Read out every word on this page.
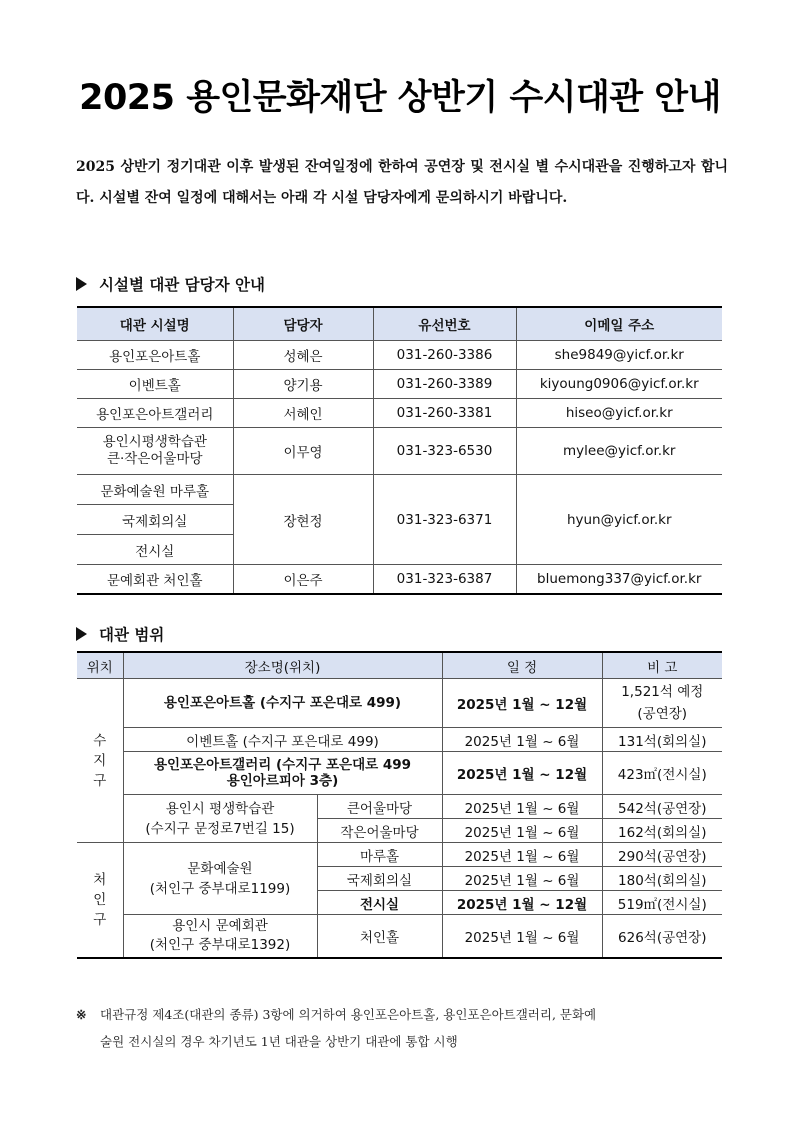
2025 용인문화재단 상반기 수시대관 안내
2025 상반기 정기대관 이후 발생된 잔여일정에 한하여 공연장 및 전시실 별 수시대관을 진행하고자 합니다. 시설별 잔여 일정에 대해서는 아래 각 시설 담당자에게 문의하시기 바랍니다.
시설별 대관 담당자 안내
대관 시설명	담당자	유선번호	이메일 주소
용인포은아트홀	성혜은	031-260-3386	she9849@yicf.or.kr
이벤트홀	양기용	031-260-3389	kiyoung0906@yicf.or.kr
용인포은아트갤러리	서혜인	031-260-3381	hiseo@yicf.or.kr

용인시평생학습관
큰·작은어울마당	이무영	031-323-6530	mylee@yicf.or.kr
문화예술원 마루홀	장현정	031-323-6371	hyun@yicf.or.kr
국제회의실			
전시실			
문예회관 처인홀	이은주	031-323-6387	bluemong337@yicf.or.kr
대관 범위
위치	장소명(위치)		일 정	비 고

수지구	용인포은아트홀 (수지구 포은대로 499)		2025년 1월 ~ 12월	1,521석 예정
(공연장)

	이벤트홀 (수지구 포은대로 499)		2025년 1월 ~ 6월	131석(회의실)

	용인포은아트갤러리 (수지구 포은대로 499
용인아르피아 3층)		2025년 1월 ~ 12월	423㎡(전시실)

	용인시 평생학습관
(수지구 문정로7번길 15)	큰어울마당	2025년 1월 ~ 6월	542석(공연장)
		작은어울마당	2025년 1월 ~ 6월	162석(회의실)

처인구	문화예술원
(처인구 중부대로1199)	마루홀	2025년 1월 ~ 6월	290석(공연장)
		국제회의실	2025년 1월 ~ 6월	180석(회의실)
		전시실	2025년 1월 ~ 12월	519㎡(전시실)

	용인시 문예회관
(처인구 중부대로1392)	처인홀	2025년 1월 ~ 6월	626석(공연장)
※ 대관규정 제4조(대관의 종류) 3항에 의거하여 용인포은아트홀, 용인포은아트갤러리, 문화예
술원 전시실의 경우 차기년도 1년 대관을 상반기 대관에 통합 시행
